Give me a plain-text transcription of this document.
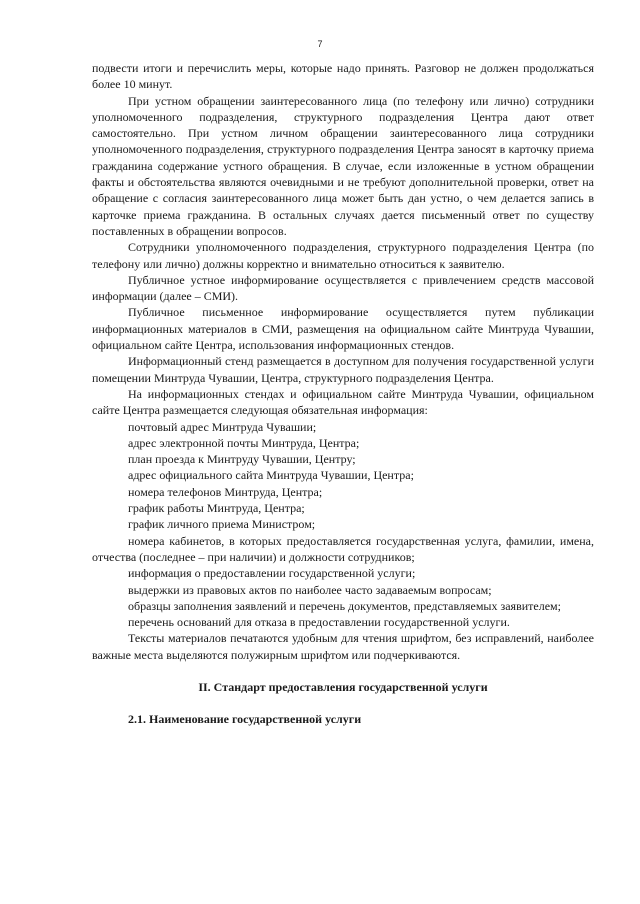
7

подвести итоги и перечислить меры, которые надо принять. Разговор не должен продолжаться более 10 минут.

При устном обращении заинтересованного лица (по телефону или лично) сотрудники уполномоченного подразделения, структурного подразделения Центра дают ответ самостоятельно. При устном личном обращении заинтересованного лица сотрудники уполномоченного подразделения, структурного подразделения Центра заносят в карточку приема гражданина содержание устного обращения. В случае, если изложенные в устном обращении факты и обстоятельства являются очевидными и не требуют дополнительной проверки, ответ на обращение с согласия заинтересованного лица может быть дан устно, о чем делается запись в карточке приема гражданина. В остальных случаях дается письменный ответ по существу поставленных в обращении вопросов.

Сотрудники уполномоченного подразделения, структурного подразделения Центра (по телефону или лично) должны корректно и внимательно относиться к заявителю.

Публичное устное информирование осуществляется с привлечением средств массовой информации (далее – СМИ).

Публичное письменное информирование осуществляется путем публикации информационных материалов в СМИ, размещения на официальном сайте Минтруда Чувашии, официальном сайте Центра, использования информационных стендов.

Информационный стенд размещается в доступном для получения государственной услуги помещении Минтруда Чувашии, Центра, структурного подразделения Центра.

На информационных стендах и официальном сайте Минтруда Чувашии, официальном сайте Центра размещается следующая обязательная информация:

почтовый адрес Минтруда Чувашии;

адрес электронной почты Минтруда, Центра;

план проезда к Минтруду Чувашии, Центру;

адрес официального сайта Минтруда Чувашии, Центра;

номера телефонов Минтруда, Центра;

график работы Минтруда, Центра;

график личного приема Министром;

номера кабинетов, в которых предоставляется государственная услуга, фамилии, имена, отчества (последнее – при наличии) и должности сотрудников;

информация о предоставлении государственной услуги;

выдержки из правовых актов по наиболее часто задаваемым вопросам;

образцы заполнения заявлений и перечень документов, представляемых заявителем;

перечень оснований для отказа в предоставлении государственной услуги.

Тексты материалов печатаются удобным для чтения шрифтом, без исправлений, наиболее важные места выделяются полужирным шрифтом или подчеркиваются.

II. Стандарт предоставления государственной услуги

2.1. Наименование государственной услуги
